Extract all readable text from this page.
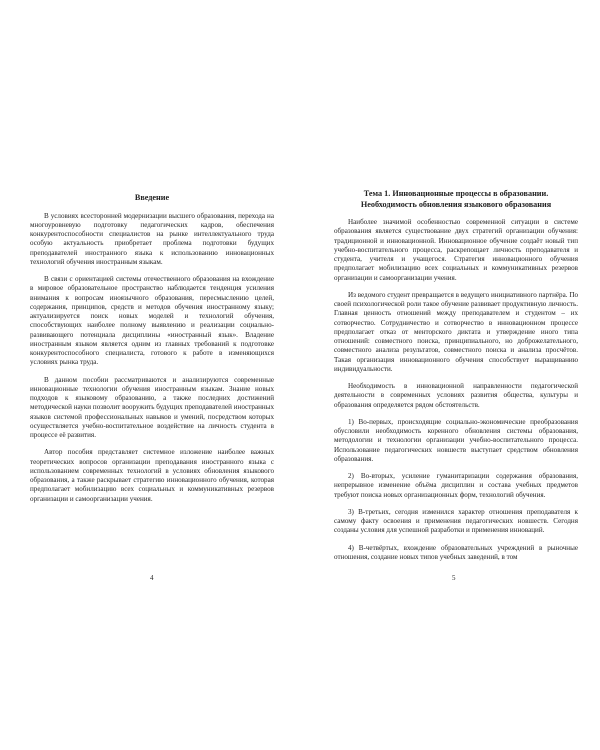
Введение

В условиях всесторонней модернизации высшего образования, перехода на многоуровневую подготовку педагогических кадров, обеспечения конкурентоспособности специалистов на рынке интеллектуального труда особую актуальность приобретает проблема подготовки будущих преподавателей иностранного языка к использованию инновационных технологий обучения иностранным языкам.

В связи с ориентацией системы отечественного образования на вхождение в мировое образовательное пространство наблюдается тенденция усиления внимания к вопросам иноязычного образования, пересмыслению целей, содержания, принципов, средств и методов обучения иностранному языку; актуализируется поиск новых моделей и технологий обучения, способствующих наиболее полному выявлению и реализации социально-развивающего потенциала дисциплины «иностранный язык». Владение иностранным языком является одним из главных требований к подготовке конкурентоспособного специалиста, готового к работе в изменяющихся условиях рынка труда.

В данном пособии рассматриваются и анализируются современные инновационные технологии обучения иностранным языкам. Знание новых подходов к языковому образованию, а также последних достижений методической науки позволит вооружить будущих преподавателей иностранных языков системой профессиональных навыков и умений, посредством которых осуществляется учебно-воспитательное воздействие на личность студента в процессе её развития.

Автор пособия представляет системное изложение наиболее важных теоретических вопросов организации преподавания иностранного языка с использованием современных технологий в условиях обновления языкового образования, а также раскрывает стратегию инновационного обучения, которая предполагает мобилизацию всех социальных и коммуникативных резервов организации и самоорганизации учения.

4
Тема 1. Инновационные процессы в образовании.
Необходимость обновления языкового образования

Наиболее значимой особенностью современной ситуации в системе образования является существование двух стратегий организации обучения: традиционной и инновационной. Инновационное обучение создаёт новый тип учебно-воспитательного процесса, раскрепощает личность преподавателя и студента, учителя и учащегося. Стратегия инновационного обучения предполагает мобилизацию всех социальных и коммуникативных резервов организации и самоорганизации учения.

Из ведомого студент превращается в ведущего инициативного партнёра. По своей психологической роли такое обучение развивает продуктивную личность. Главная ценность отношений между преподавателем и студентом – их сотворчество. Сотрудничество и сотворчество в инновационном процессе предполагает отказ от менторского диктата и утверждение иного типа отношений: совместного поиска, принципиального, но доброжелательного, совместного анализа результатов, совместного поиска и анализа просчётов. Такая организация инновационного обучения способствует выращиванию индивидуальности.

Необходимость в инновационной направленности педагогической деятельности в современных условиях развития общества, культуры и образования определяется рядом обстоятельств.

1) Во-первых, происходящие социально-экономические преобразования обусловили необходимость коренного обновления системы образования, методологии и технологии организации учебно-воспитательного процесса. Использование педагогических новшеств выступает средством обновления образования.

2) Во-вторых, усиление гуманитаризации содержания образования, непрерывное изменение объёма дисциплин и состава учебных предметов требуют поиска новых организационных форм, технологий обучения.

3) В-третьих, сегодня изменился характер отношения преподавателя к самому факту освоения и применения педагогических новшеств. Сегодня созданы условия для успешной разработки и применения инноваций.

4) В-четвёртых, вхождение образовательных учреждений в рыночные отношения, создание новых типов учебных заведений, в том

5
